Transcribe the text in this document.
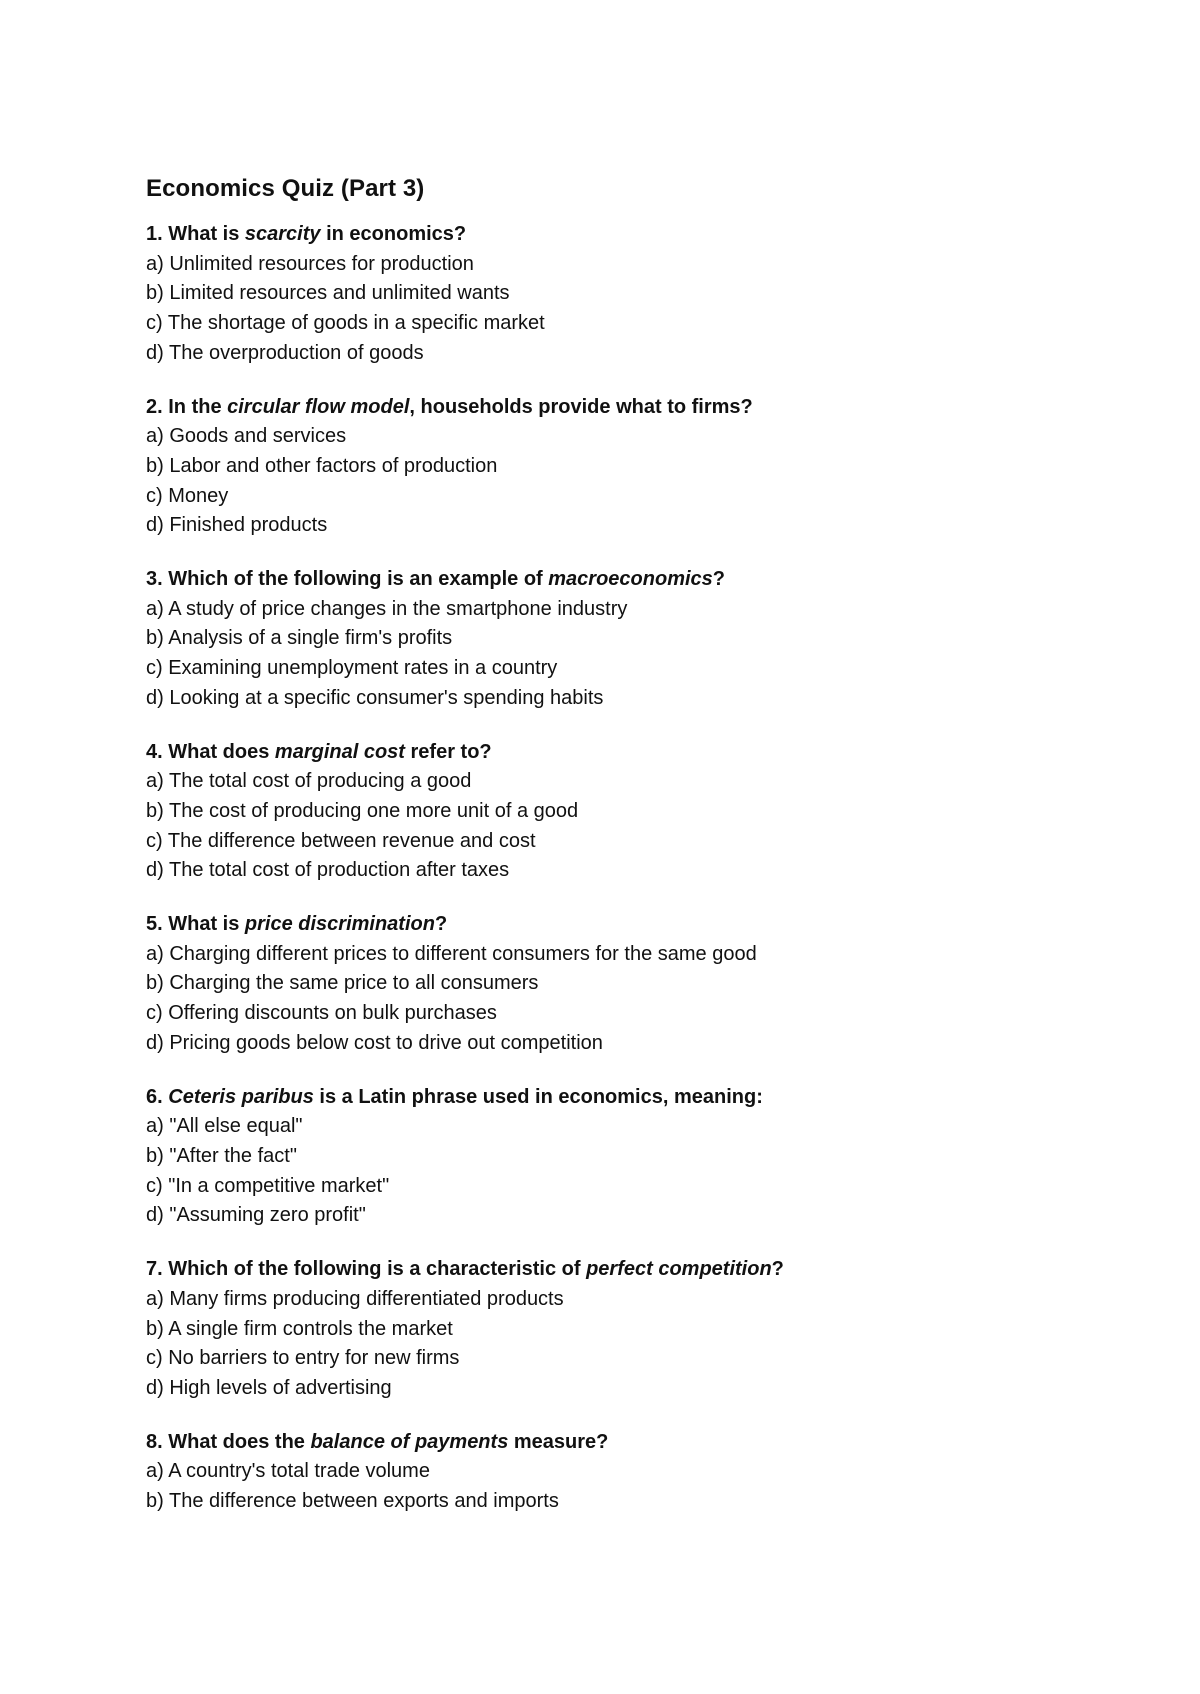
Economics Quiz (Part 3)

1. What is scarcity in economics?

a) Unlimited resources for production

b) Limited resources and unlimited wants

c) The shortage of goods in a specific market

d) The overproduction of goods

2. In the circular flow model, households provide what to firms?

a) Goods and services

b) Labor and other factors of production

c) Money

d) Finished products

3. Which of the following is an example of macroeconomics?

a) A study of price changes in the smartphone industry

b) Analysis of a single firm's profits

c) Examining unemployment rates in a country

d) Looking at a specific consumer's spending habits

4. What does marginal cost refer to?

a) The total cost of producing a good

b) The cost of producing one more unit of a good

c) The difference between revenue and cost

d) The total cost of production after taxes

5. What is price discrimination?

a) Charging different prices to different consumers for the same good

b) Charging the same price to all consumers

c) Offering discounts on bulk purchases

d) Pricing goods below cost to drive out competition

6. Ceteris paribus is a Latin phrase used in economics, meaning:

a) "All else equal"

b) "After the fact"

c) "In a competitive market"

d) "Assuming zero profit"

7. Which of the following is a characteristic of perfect competition?

a) Many firms producing differentiated products

b) A single firm controls the market

c) No barriers to entry for new firms

d) High levels of advertising

8. What does the balance of payments measure?

a) A country's total trade volume

b) The difference between exports and imports
